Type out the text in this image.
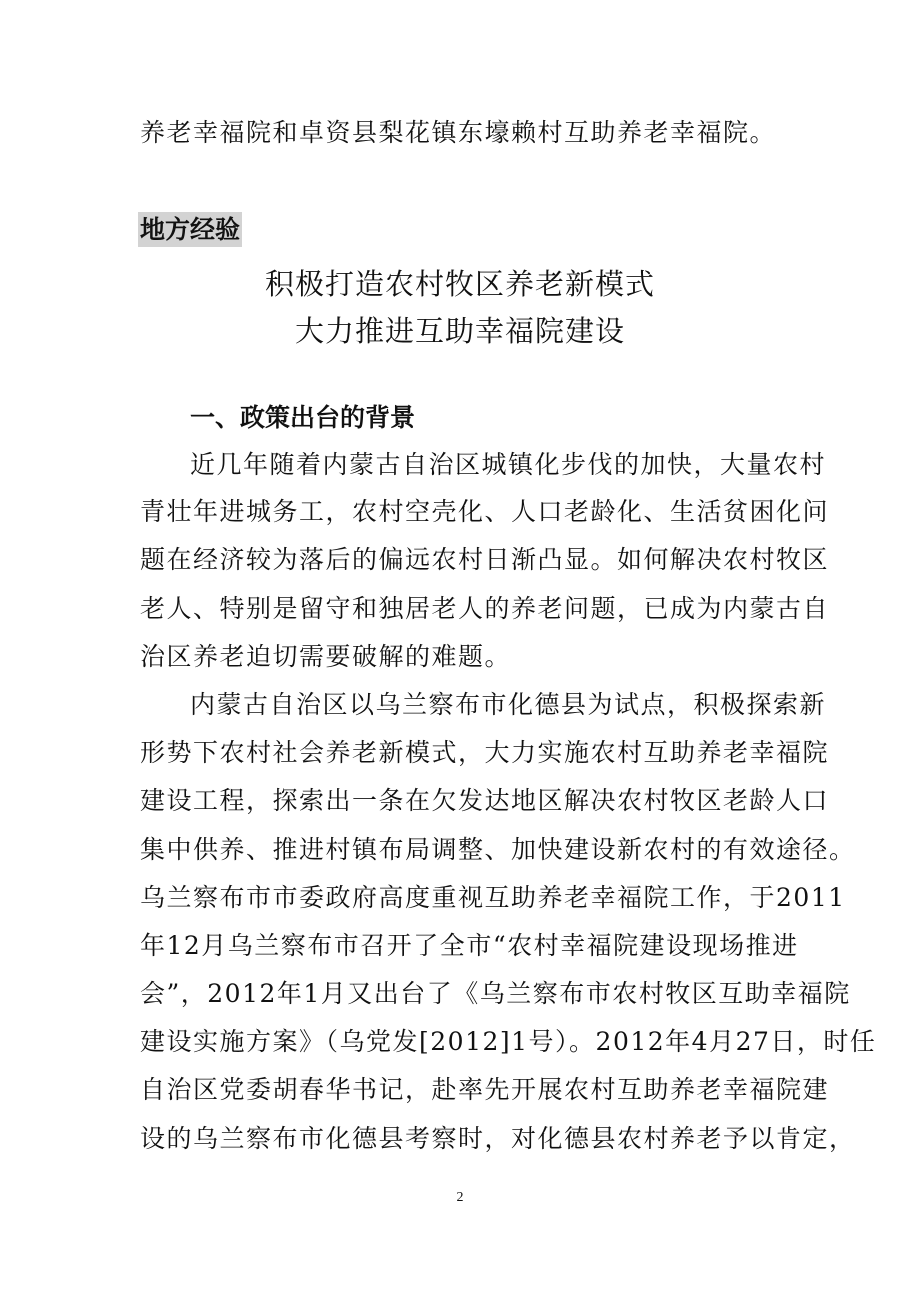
养老幸福院和卓资县梨花镇东壕赖村互助养老幸福院。
地方经验
积极打造农村牧区养老新模式
大力推进互助幸福院建设
一、政策出台的背景
近几年随着内蒙古自治区城镇化步伐的加快，大量农村
青壮年进城务工，农村空壳化、人口老龄化、生活贫困化问
题在经济较为落后的偏远农村日渐凸显。如何解决农村牧区
老人、特别是留守和独居老人的养老问题，已成为内蒙古自
治区养老迫切需要破解的难题。
内蒙古自治区以乌兰察布市化德县为试点，积极探索新
形势下农村社会养老新模式，大力实施农村互助养老幸福院
建设工程，探索出一条在欠发达地区解决农村牧区老龄人口
集中供养、推进村镇布局调整、加快建设新农村的有效途径。
乌兰察布市市委政府高度重视互助养老幸福院工作，于2011
年12月乌兰察布市召开了全市“农村幸福院建设现场推进
会”，2012年1月又出台了《乌兰察布市农村牧区互助幸福院
建设实施方案》（乌党发[2012]1号）。2012年4月27日，时任
自治区党委胡春华书记，赴率先开展农村互助养老幸福院建
设的乌兰察布市化德县考察时，对化德县农村养老予以肯定，
2
